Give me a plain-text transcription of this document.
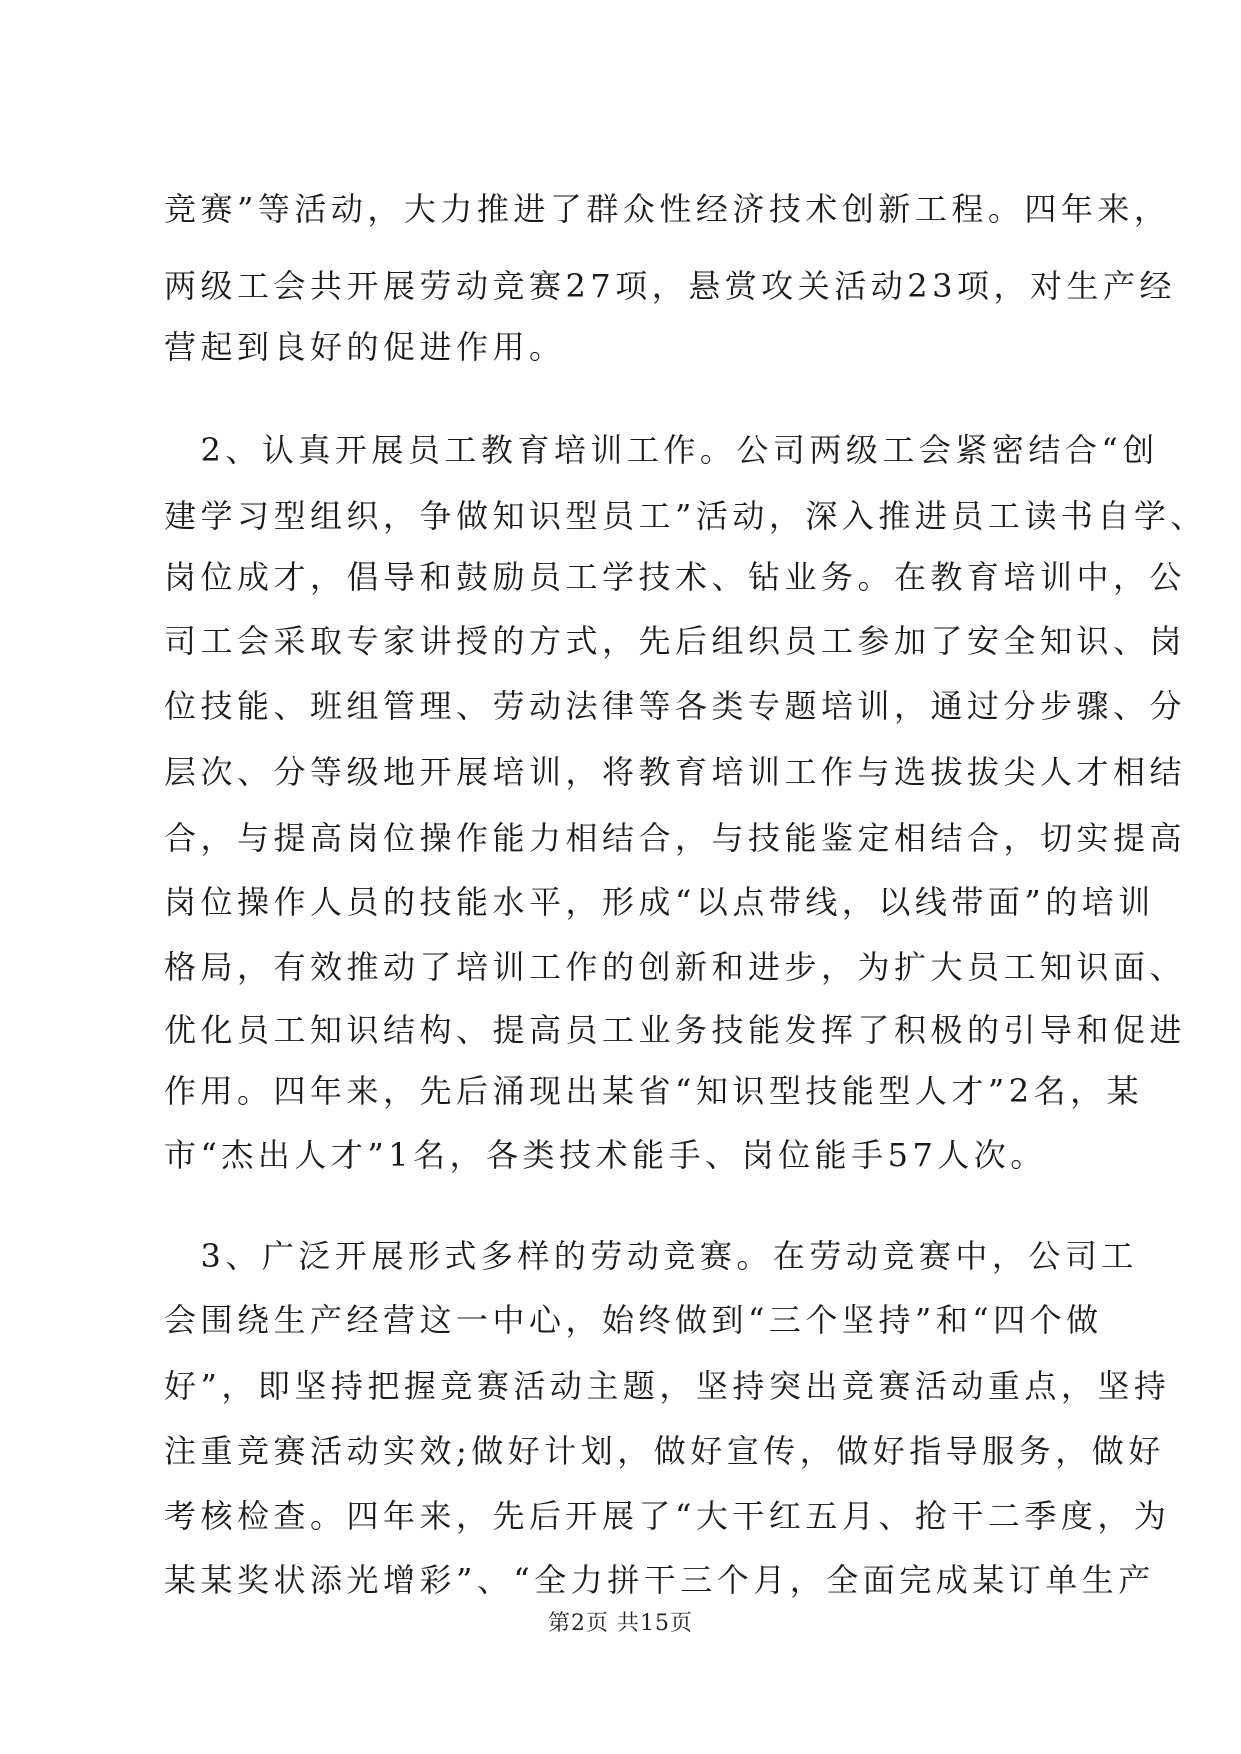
竞赛”等活动，大力推进了群众性经济技术创新工程。四年来，
两级工会共开展劳动竞赛27项，悬赏攻关活动23项，对生产经
营起到良好的促进作用。
　2、认真开展员工教育培训工作。公司两级工会紧密结合“创
建学习型组织，争做知识型员工”活动，深入推进员工读书自学、
岗位成才，倡导和鼓励员工学技术、钻业务。在教育培训中，公
司工会采取专家讲授的方式，先后组织员工参加了安全知识、岗
位技能、班组管理、劳动法律等各类专题培训，通过分步骤、分
层次、分等级地开展培训，将教育培训工作与选拔拔尖人才相结
合，与提高岗位操作能力相结合，与技能鉴定相结合，切实提高
岗位操作人员的技能水平，形成“以点带线，以线带面”的培训
格局，有效推动了培训工作的创新和进步，为扩大员工知识面、
优化员工知识结构、提高员工业务技能发挥了积极的引导和促进
作用。四年来，先后涌现出某省“知识型技能型人才”2名，某
市“杰出人才”1名，各类技术能手、岗位能手57人次。
　3、广泛开展形式多样的劳动竞赛。在劳动竞赛中，公司工
会围绕生产经营这一中心，始终做到“三个坚持”和“四个做
好”，即坚持把握竞赛活动主题，坚持突出竞赛活动重点，坚持
注重竞赛活动实效;做好计划，做好宣传，做好指导服务，做好
考核检查。四年来，先后开展了“大干红五月、抢干二季度，为
某某奖状添光增彩”、“全力拼干三个月，全面完成某订单生产
第2页 共15页
